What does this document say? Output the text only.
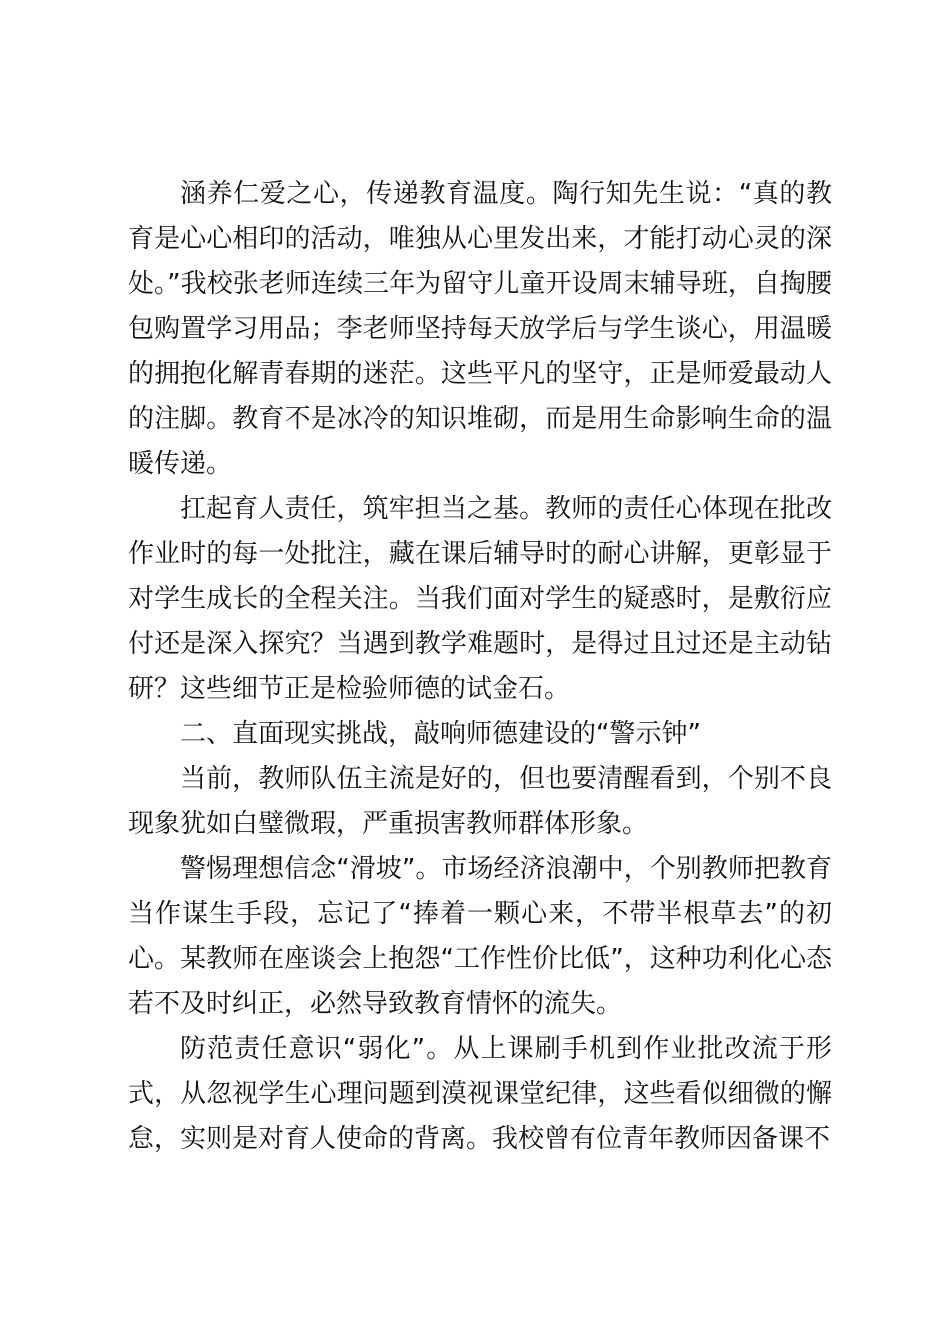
涵养仁爱之心，传递教育温度。陶行知先生说：“真的教育是心心相印的活动，唯独从心里发出来，才能打动心灵的深处。”我校张老师连续三年为留守儿童开设周末辅导班，自掏腰包购置学习用品；李老师坚持每天放学后与学生谈心，用温暖的拥抱化解青春期的迷茫。这些平凡的坚守，正是师爱最动人的注脚。教育不是冰冷的知识堆砌，而是用生命影响生命的温暖传递。

扛起育人责任，筑牢担当之基。教师的责任心体现在批改作业时的每一处批注，藏在课后辅导时的耐心讲解，更彰显于对学生成长的全程关注。当我们面对学生的疑惑时，是敷衍应付还是深入探究？当遇到教学难题时，是得过且过还是主动钻研？这些细节正是检验师德的试金石。

二、直面现实挑战，敲响师德建设的“警示钟”

当前，教师队伍主流是好的，但也要清醒看到，个别不良现象犹如白璧微瑕，严重损害教师群体形象。

警惕理想信念“滑坡”。市场经济浪潮中，个别教师把教育当作谋生手段，忘记了“捧着一颗心来，不带半根草去”的初心。某教师在座谈会上抱怨“工作性价比低”，这种功利化心态若不及时纠正，必然导致教育情怀的流失。

防范责任意识“弱化”。从上课刷手机到作业批改流于形式，从忽视学生心理问题到漠视课堂纪律，这些看似细微的懈怠，实则是对育人使命的背离。我校曾有位青年教师因备课不
